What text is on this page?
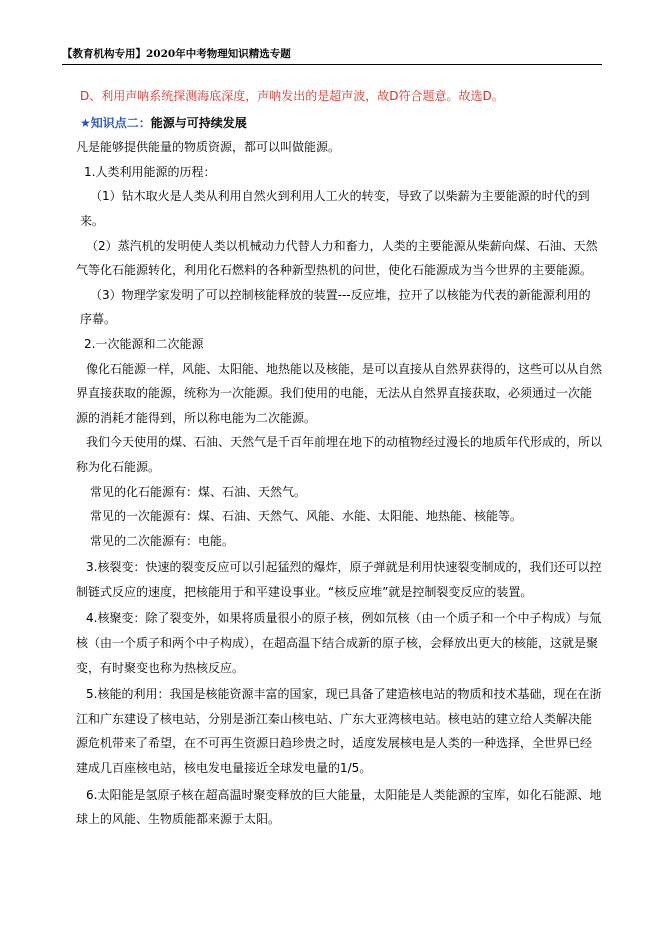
【教育机构专用】2020年中考物理知识精选专题

D、利用声呐系统探测海底深度，声呐发出的是超声波，故D符合题意。故选D。

★知识点二：能源与可持续发展

凡是能够提供能量的物质资源，都可以叫做能源。

1.人类利用能源的历程：

（1）钻木取火是人类从利用自然火到利用人工火的转变，导致了以柴薪为主要能源的时代的到来。

（2）蒸汽机的发明使人类以机械动力代替人力和畜力，人类的主要能源从柴薪向煤、石油、天然气等化石能源转化，利用化石燃料的各种新型热机的问世，使化石能源成为当今世界的主要能源。

（3）物理学家发明了可以控制核能释放的装置---反应堆，拉开了以核能为代表的新能源利用的序幕。

2.一次能源和二次能源

像化石能源一样，风能、太阳能、地热能以及核能，是可以直接从自然界获得的，这些可以从自然界直接获取的能源，统称为一次能源。我们使用的电能，无法从自然界直接获取，必须通过一次能源的消耗才能得到，所以称电能为二次能源。

我们今天使用的煤、石油、天然气是千百年前埋在地下的动植物经过漫长的地质年代形成的，所以称为化石能源。

常见的化石能源有：煤、石油、天然气。

常见的一次能源有：煤、石油、天然气、风能、水能、太阳能、地热能、核能等。

常见的二次能源有：电能。

3.核裂变：快速的裂变反应可以引起猛烈的爆炸，原子弹就是利用快速裂变制成的，我们还可以控制链式反应的速度，把核能用于和平建设事业。“核反应堆”就是控制裂变反应的装置。

4.核聚变：除了裂变外，如果将质量很小的原子核，例如氘核（由一个质子和一个中子构成）与氚核（由一个质子和两个中子构成），在超高温下结合成新的原子核，会释放出更大的核能，这就是聚变，有时聚变也称为热核反应。

5.核能的利用：我国是核能资源丰富的国家，现已具备了建造核电站的物质和技术基础，现在在浙江和广东建设了核电站，分别是浙江秦山核电站、广东大亚湾核电站。核电站的建立给人类解决能源危机带来了希望，在不可再生资源日趋珍贵之时，适度发展核电是人类的一种选择，全世界已经建成几百座核电站，核电发电量接近全球发电量的1/5。

6.太阳能是氢原子核在超高温时聚变释放的巨大能量，太阳能是人类能源的宝库，如化石能源、地球上的风能、生物质能都来源于太阳。
